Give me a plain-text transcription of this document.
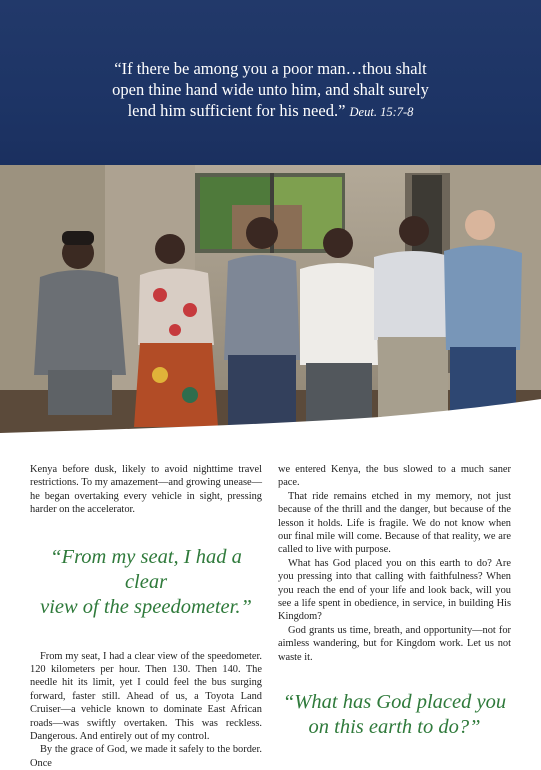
“If there be among you a poor man…thou shalt
open thine hand wide unto him, and shalt surely
lend him sufficient for his need.” Deut. 15:7-8

Kenya before dusk, likely to avoid nighttime travel restrictions. To my amazement—and growing unease—he began overtaking every vehicle in sight, pressing harder on the accelerator.

“From my seat, I had a clear
view of the speedometer.”

From my seat, I had a clear view of the speedometer. 120 kilometers per hour. Then 130. Then 140. The needle hit its limit, yet I could feel the bus surging forward, faster still. Ahead of us, a Toyota Land Cruiser—a vehicle known to dominate East African roads—was swiftly overtaken. This was reckless. Dangerous. And entirely out of my control.

By the grace of God, we made it safely to the border. Once

we entered Kenya, the bus slowed to a much saner pace.

That ride remains etched in my memory, not just because of the thrill and the danger, but because of the lesson it holds. Life is fragile. We do not know when our final mile will come. Because of that reality, we are called to live with purpose.

What has God placed you on this earth to do? Are you pressing into that calling with faithfulness? When you reach the end of your life and look back, will you see a life spent in obedience, in service, in building His Kingdom?

God grants us time, breath, and opportunity—not for aimless wandering, but for Kingdom work. Let us not waste it.

“What has God placed you
on this earth to do?”
